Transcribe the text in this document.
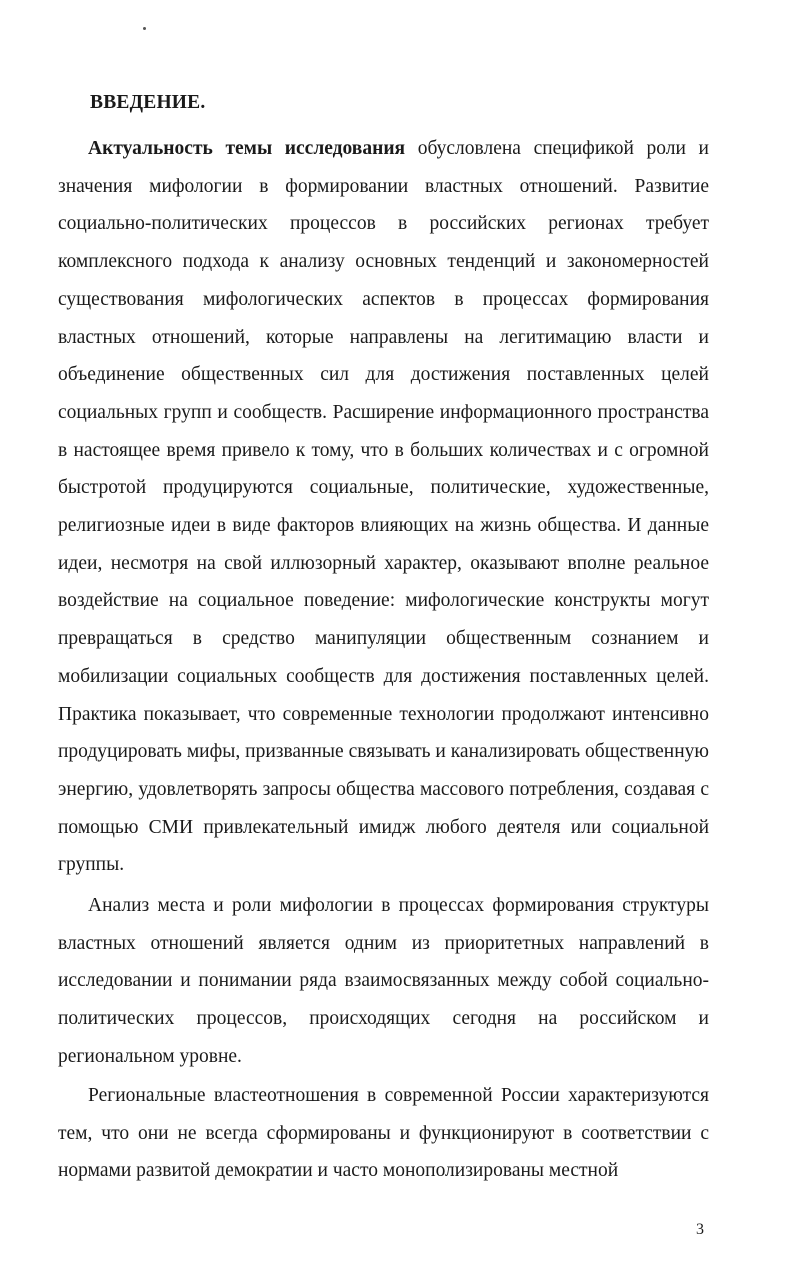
ВВЕДЕНИЕ.

Актуальность темы исследования обусловлена спецификой роли и значения мифологии в формировании властных отношений. Развитие социально-политических процессов в российских регионах требует комплексного подхода к анализу основных тенденций и закономерностей существования мифологических аспектов в процессах формирования властных отношений, которые направлены на легитимацию власти и объединение общественных сил для достижения поставленных целей социальных групп и сообществ. Расширение информационного пространства в настоящее время привело к тому, что в больших количествах и с огромной быстротой продуцируются социальные, политические, художественные, религиозные идеи в виде факторов влияющих на жизнь общества. И данные идеи, несмотря на свой иллюзорный характер, оказывают вполне реальное воздействие на социальное поведение: мифологические конструкты могут превращаться в средство манипуляции общественным сознанием и мобилизации социальных сообществ для достижения поставленных целей. Практика показывает, что современные технологии продолжают интенсивно продуцировать мифы, призванные связывать и канализировать общественную энергию, удовлетворять запросы общества массового потребления, создавая с помощью СМИ привлекательный имидж любого деятеля или социальной группы.

Анализ места и роли мифологии в процессах формирования структуры властных отношений является одним из приоритетных направлений в исследовании и понимании ряда взаимосвязанных между собой социально-политических процессов, происходящих сегодня на российском и региональном уровне.

Региональные властеотношения в современной России характеризуются тем, что они не всегда сформированы и функционируют в соответствии с нормами развитой демократии и часто монополизированы местной

3
